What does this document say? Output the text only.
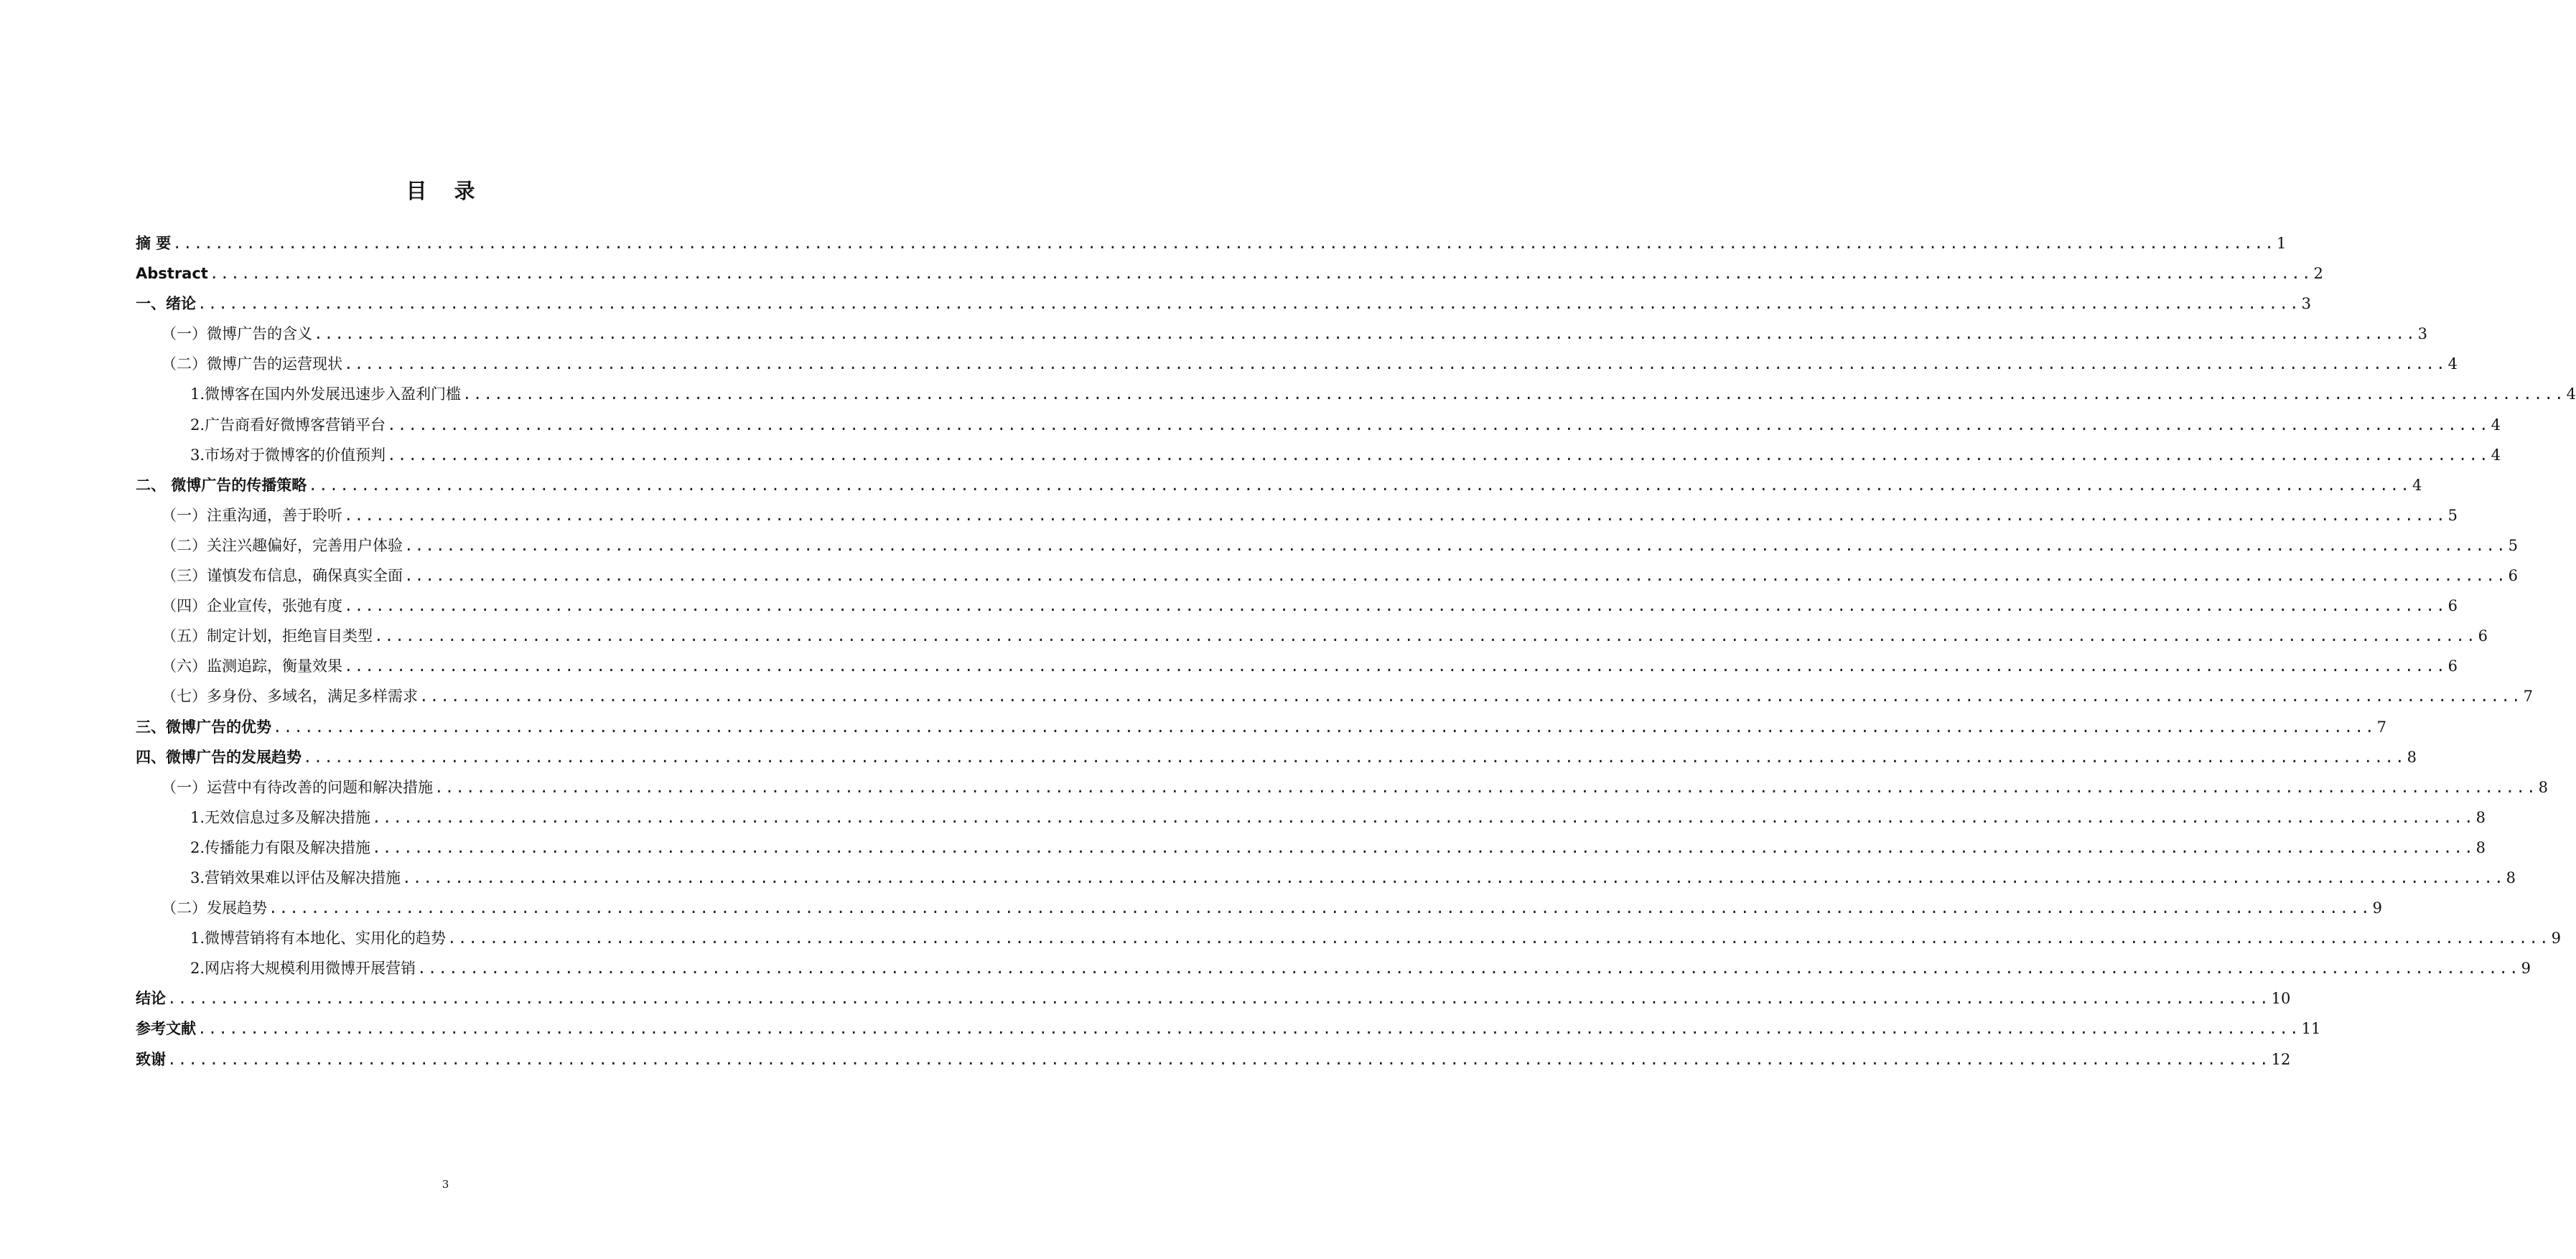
目 录
摘 要 ........................................................................................................................................................................................................ 1
Abstract ........................................................................................................................................................................................................ 2
一、绪论 ........................................................................................................................................................................................................ 3
（一）微博广告的含义 ........................................................................................................................................................................................................ 3
（二）微博广告的运营现状 ........................................................................................................................................................................................................ 4
1.微博客在国内外发展迅速步入盈利门槛 ........................................................................................................................................................................................................ 4
2.广告商看好微博客营销平台 ........................................................................................................................................................................................................ 4
3.市场对于微博客的价值预判 ........................................................................................................................................................................................................ 4
二、 微博广告的传播策略 ........................................................................................................................................................................................................ 4
（一）注重沟通，善于聆听 ........................................................................................................................................................................................................ 5
（二）关注兴趣偏好，完善用户体验 ........................................................................................................................................................................................................ 5
（三）谨慎发布信息，确保真实全面 ........................................................................................................................................................................................................ 6
（四）企业宣传，张弛有度 ........................................................................................................................................................................................................ 6
（五）制定计划，拒绝盲目类型 ........................................................................................................................................................................................................ 6
（六）监测追踪，衡量效果 ........................................................................................................................................................................................................ 6
（七）多身份、多域名，满足多样需求 ........................................................................................................................................................................................................ 7
三、微博广告的优势 ........................................................................................................................................................................................................ 7
四、微博广告的发展趋势 ........................................................................................................................................................................................................ 8
（一）运营中有待改善的问题和解决措施 ........................................................................................................................................................................................................ 8
1.无效信息过多及解决措施 ........................................................................................................................................................................................................ 8
2.传播能力有限及解决措施 ........................................................................................................................................................................................................ 8
3.营销效果难以评估及解决措施 ........................................................................................................................................................................................................ 8
（二）发展趋势 ........................................................................................................................................................................................................ 9
1.微博营销将有本地化、实用化的趋势 ........................................................................................................................................................................................................ 9
2.网店将大规模利用微博开展营销 ........................................................................................................................................................................................................ 9
结论 ........................................................................................................................................................................................................ 10
参考文献 ........................................................................................................................................................................................................ 11
致谢 ........................................................................................................................................................................................................ 12
3
